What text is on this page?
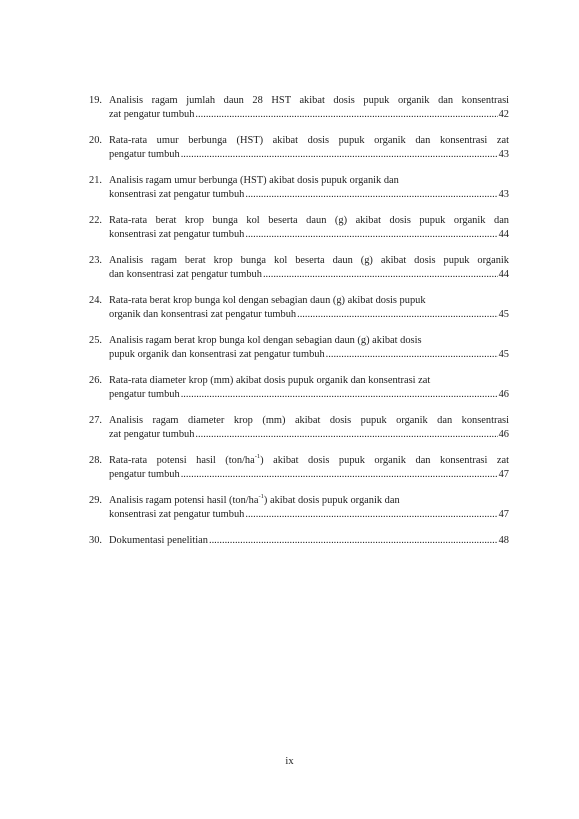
19. Analisis ragam jumlah daun 28 HST akibat dosis pupuk organik dan konsentrasi
zat pengatur tumbuh .....	42
20. Rata-rata umur berbunga (HST) akibat dosis pupuk organik dan konsentrasi zat
pengatur tumbuh .....	43
21. Analisis ragam umur berbunga (HST) akibat dosis pupuk organik dan
konsentrasi zat pengatur tumbuh .....	43
22. Rata-rata berat krop bunga kol beserta daun (g) akibat dosis pupuk organik dan
konsentrasi zat pengatur tumbuh .....	44
23. Analisis ragam berat krop bunga kol beserta daun (g) akibat dosis pupuk organik
dan konsentrasi zat pengatur tumbuh .....	44
24. Rata-rata berat krop bunga kol dengan sebagian daun (g) akibat dosis pupuk
organik dan konsentrasi zat pengatur tumbuh .....	45
25. Analisis ragam berat krop bunga kol dengan sebagian daun (g) akibat dosis
pupuk organik dan konsentrasi zat pengatur tumbuh .....	45
26. Rata-rata diameter krop (mm) akibat dosis pupuk organik dan konsentrasi zat
pengatur tumbuh .....	46
27. Analisis ragam diameter krop (mm) akibat dosis pupuk organik dan konsentrasi
zat pengatur tumbuh .....	46
28. Rata-rata potensi hasil $(ton/ha^{-1})$ akibat dosis pupuk organik dan konsentrasi zat
pengatur tumbuh .....	47
29. Analisis ragam potensi hasil $(ton/ha^{-1})$ akibat dosis pupuk organik dan
konsentrasi zat pengatur tumbuh .....	47
30. Dokumentasi penelitian .....	48
ix
